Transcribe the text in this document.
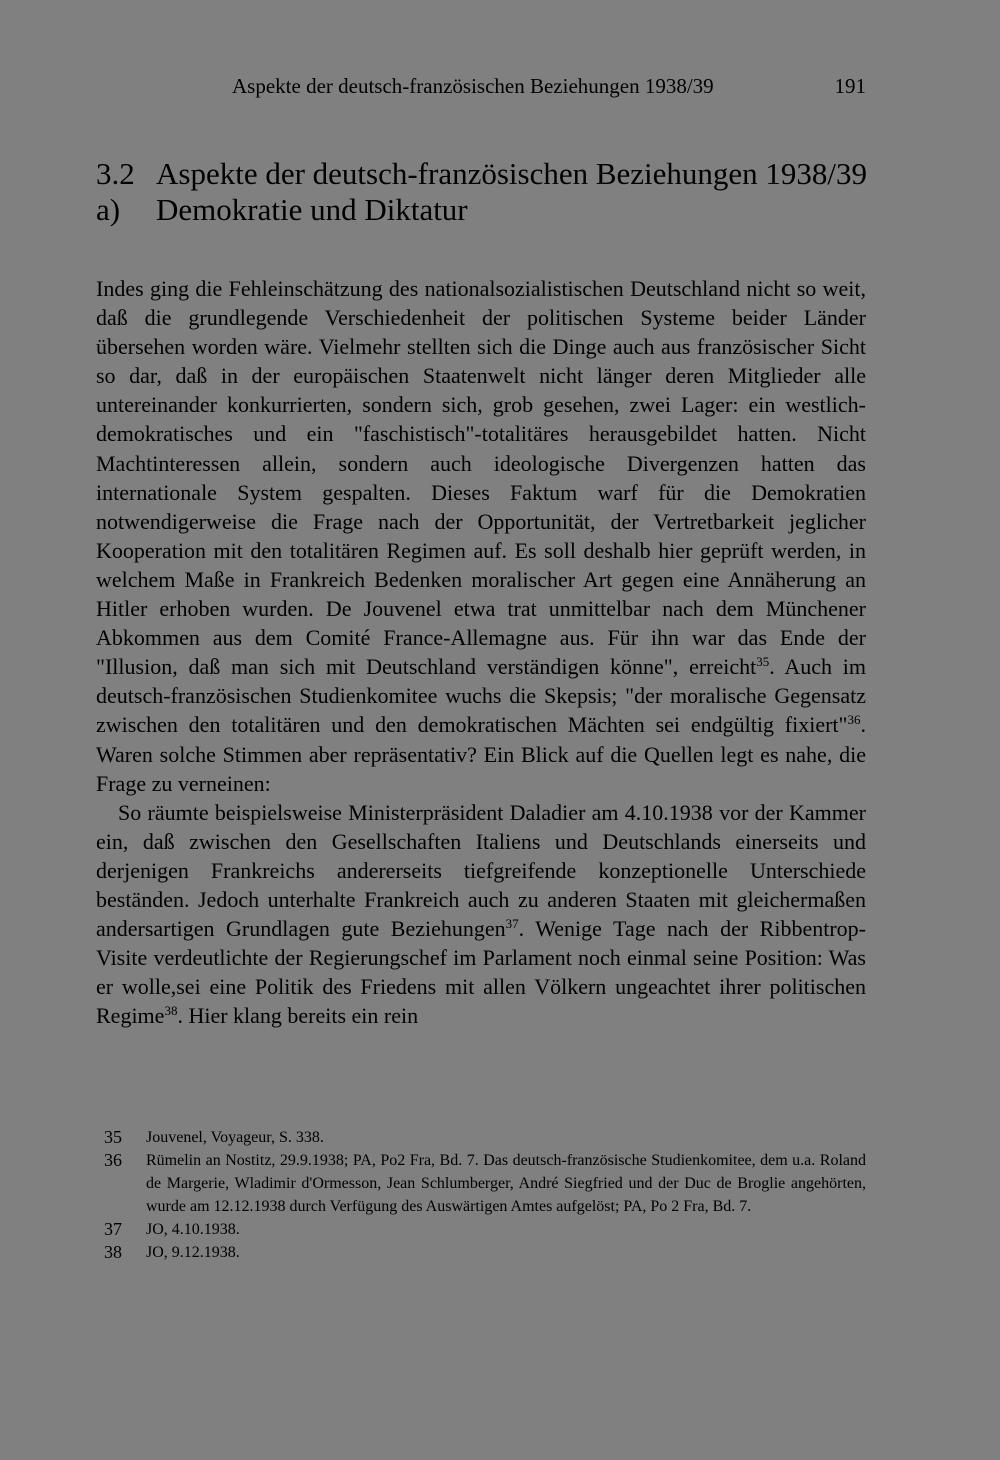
Aspekte der deutsch-französischen Beziehungen 1938/39	191
3.2 Aspekte der deutsch-französischen Beziehungen 1938/39
a)	Demokratie und Diktatur

Indes ging die Fehleinschätzung des nationalsozialistischen Deutschland nicht so weit, daß die grundlegende Verschiedenheit der politischen Systeme beider Länder übersehen worden wäre. Vielmehr stellten sich die Dinge auch aus französischer Sicht so dar, daß in der europäischen Staatenwelt nicht länger deren Mitglieder alle untereinander konkurrierten, sondern sich, grob gesehen, zwei Lager: ein westlich-demokratisches und ein "faschistisch"-totalitäres herausgebildet hatten. Nicht Machtinteressen allein, sondern auch ideologische Divergenzen hatten das internationale System gespalten. Dieses Faktum warf für die Demokratien notwendigerweise die Frage nach der Opportunität, der Vertretbarkeit jeglicher Kooperation mit den totalitären Regimen auf. Es soll deshalb hier geprüft werden, in welchem Maße in Frankreich Bedenken moralischer Art gegen eine Annäherung an Hitler erhoben wurden. De Jouvenel etwa trat unmittelbar nach dem Münchener Abkommen aus dem Comité France-Allemagne aus. Für ihn war das Ende der "Illusion, daß man sich mit Deutschland verständigen könne", erreicht$^{35}$. Auch im deutsch-französischen Studienkomitee wuchs die Skepsis; "der moralische Gegensatz zwischen den totalitären und den demokratischen Mächten sei endgültig fixiert"$^{36}$. Waren solche Stimmen aber repräsentativ? Ein Blick auf die Quellen legt es nahe, die Frage zu verneinen:

So räumte beispielsweise Ministerpräsident Daladier am 4.10.1938 vor der Kammer ein, daß zwischen den Gesellschaften Italiens und Deutschlands einerseits und derjenigen Frankreichs andererseits tiefgreifende konzeptionelle Unterschiede beständen. Jedoch unterhalte Frankreich auch zu anderen Staaten mit gleichermaßen andersartigen Grundlagen gute Beziehungen$^{37}$. Wenige Tage nach der Ribbentrop-Visite verdeutlichte der Regierungschef im Parlament noch einmal seine Position: Was er wolle,sei eine Politik des Friedens mit allen Völkern ungeachtet ihrer politischen Regime$^{38}$. Hier klang bereits ein rein

35	Jouvenel, Voyageur, S. 338.
36	Rümelin an Nostitz, 29.9.1938; PA, Po2 Fra, Bd. 7. Das deutsch-französische Studienkomitee, dem u.a. Roland de Margerie, Wladimir d'Ormesson, Jean Schlumberger, André Siegfried und der Duc de Broglie angehörten, wurde am 12.12.1938 durch Verfügung des Auswärtigen Amtes aufgelöst; PA, Po 2 Fra, Bd. 7.
37	JO, 4.10.1938.
38	JO, 9.12.1938.
